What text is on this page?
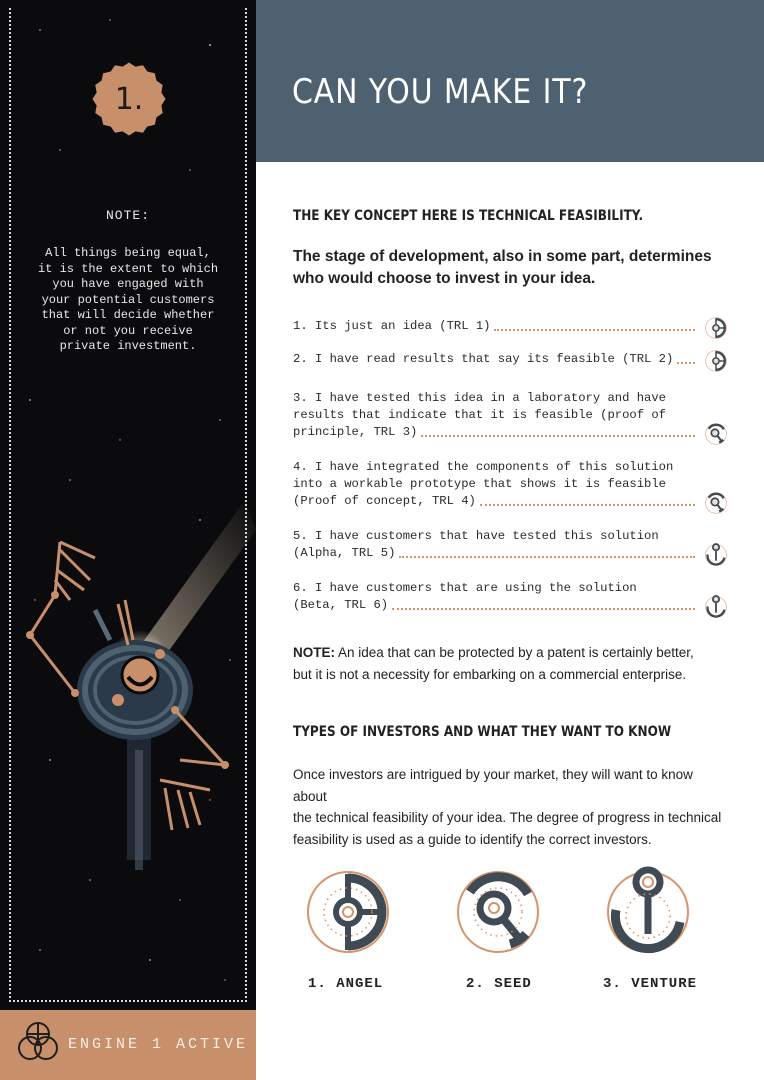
1.
NOTE:
All things being equal,
it is the extent to which
you have engaged with
your potential customers
that will decide whether
or not you receive
private investment.
ENGINE 1 ACTIVE
CAN YOU MAKE IT?
THE KEY CONCEPT HERE IS TECHNICAL FEASIBILITY.
The stage of development, also in some part, determines
who would choose to invest in your idea.
1. Its just an idea (TRL 1)
2. I have read results that say its feasible (TRL 2)
3. I have tested this idea in a laboratory and have
results that indicate that it is feasible (proof of
principle, TRL 3)
4. I have integrated the components of this solution
into a workable prototype that shows it is feasible
(Proof of concept, TRL 4)
5. I have customers that have tested this solution
(Alpha, TRL 5)
6. I have customers that are using the solution
(Beta, TRL 6)
NOTE: An idea that can be protected by a patent is certainly better,
but it is not a necessity for embarking on a commercial enterprise.
TYPES OF INVESTORS AND WHAT THEY WANT TO KNOW
Once investors are intrigued by your market, they will want to know about
the technical feasibility of your idea. The degree of progress in technical
feasibility is used as a guide to identify the correct investors.
1. ANGEL	2. SEED	3. VENTURE
